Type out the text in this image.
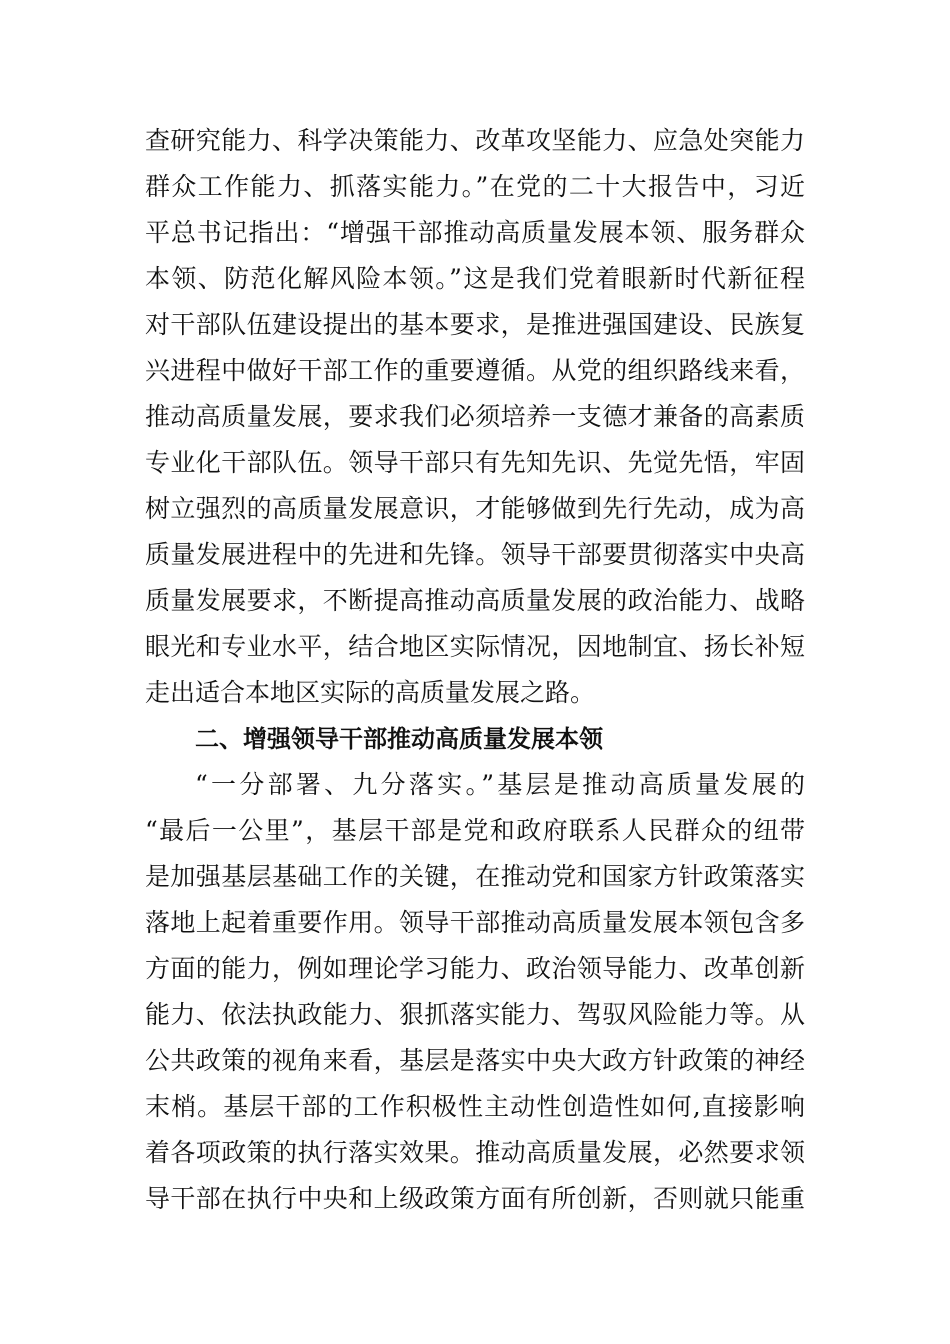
查研究能力、科学决策能力、改革攻坚能力、应急处突能力
群众工作能力、抓落实能力。”在党的二十大报告中，习近
平总书记指出：“增强干部推动高质量发展本领、服务群众
本领、防范化解风险本领。”这是我们党着眼新时代新征程
对干部队伍建设提出的基本要求，是推进强国建设、民族复
兴进程中做好干部工作的重要遵循。从党的组织路线来看，
推动高质量发展，要求我们必须培养一支德才兼备的高素质
专业化干部队伍。领导干部只有先知先识、先觉先悟，牢固
树立强烈的高质量发展意识，才能够做到先行先动，成为高
质量发展进程中的先进和先锋。领导干部要贯彻落实中央高
质量发展要求，不断提高推动高质量发展的政治能力、战略
眼光和专业水平，结合地区实际情况，因地制宜、扬长补短
走出适合本地区实际的高质量发展之路。
二、增强领导干部推动高质量发展本领
“一分部署、九分落实。”基层是推动高质量发展的
“最后一公里”，基层干部是党和政府联系人民群众的纽带
是加强基层基础工作的关键，在推动党和国家方针政策落实
落地上起着重要作用。领导干部推动高质量发展本领包含多
方面的能力，例如理论学习能力、政治领导能力、改革创新
能力、依法执政能力、狠抓落实能力、驾驭风险能力等。从
公共政策的视角来看，基层是落实中央大政方针政策的神经
末梢。基层干部的工作积极性主动性创造性如何,直接影响
着各项政策的执行落实效果。推动高质量发展，必然要求领
导干部在执行中央和上级政策方面有所创新，否则就只能重
